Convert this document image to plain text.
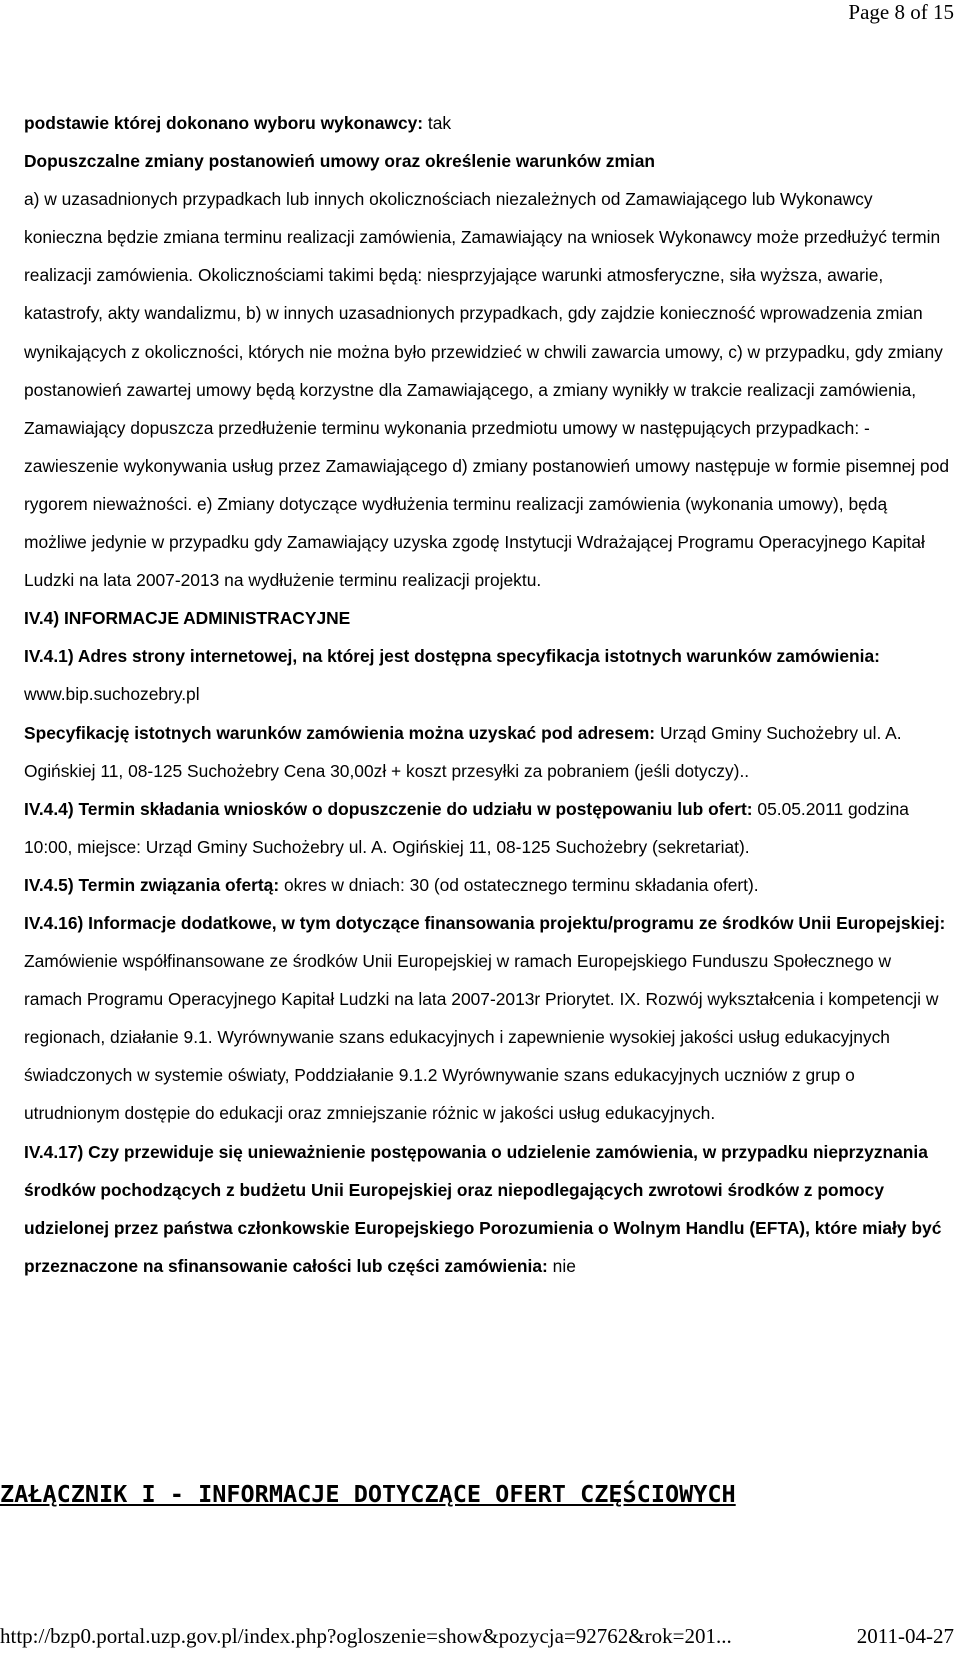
Page 8 of 15

podstawie której dokonano wyboru wykonawcy: tak

Dopuszczalne zmiany postanowień umowy oraz określenie warunków zmian

a) w uzasadnionych przypadkach lub innych okolicznościach niezależnych od Zamawiającego lub Wykonawcy konieczna będzie zmiana terminu realizacji zamówienia, Zamawiający na wniosek Wykonawcy może przedłużyć termin realizacji zamówienia. Okolicznościami takimi będą: niesprzyjające warunki atmosferyczne, siła wyższa, awarie, katastrofy, akty wandalizmu, b) w innych uzasadnionych przypadkach, gdy zajdzie konieczność wprowadzenia zmian wynikających z okoliczności, których nie można było przewidzieć w chwili zawarcia umowy, c) w przypadku, gdy zmiany postanowień zawartej umowy będą korzystne dla Zamawiającego, a zmiany wynikły w trakcie realizacji zamówienia, Zamawiający dopuszcza przedłużenie terminu wykonania przedmiotu umowy w następujących przypadkach: - zawieszenie wykonywania usług przez Zamawiającego d) zmiany postanowień umowy następuje w formie pisemnej pod rygorem nieważności. e) Zmiany dotyczące wydłużenia terminu realizacji zamówienia (wykonania umowy), będą możliwe jedynie w przypadku gdy Zamawiający uzyska zgodę Instytucji Wdrażającej Programu Operacyjnego Kapitał Ludzki na lata 2007-2013 na wydłużenie terminu realizacji projektu.

IV.4) INFORMACJE ADMINISTRACYJNE

IV.4.1) Adres strony internetowej, na której jest dostępna specyfikacja istotnych warunków zamówienia: www.bip.suchozebry.pl

Specyfikację istotnych warunków zamówienia można uzyskać pod adresem: Urząd Gminy Suchożebry ul. A. Ogińskiej 11, 08-125 Suchożebry Cena 30,00zł + koszt przesyłki za pobraniem (jeśli dotyczy)..

IV.4.4) Termin składania wniosków o dopuszczenie do udziału w postępowaniu lub ofert: 05.05.2011 godzina 10:00, miejsce: Urząd Gminy Suchożebry ul. A. Ogińskiej 11, 08-125 Suchożebry (sekretariat).

IV.4.5) Termin związania ofertą: okres w dniach: 30 (od ostatecznego terminu składania ofert).

IV.4.16) Informacje dodatkowe, w tym dotyczące finansowania projektu/programu ze środków Unii Europejskiej: Zamówienie współfinansowane ze środków Unii Europejskiej w ramach Europejskiego Funduszu Społecznego w ramach Programu Operacyjnego Kapitał Ludzki na lata 2007-2013r Priorytet. IX. Rozwój wykształcenia i kompetencji w regionach, działanie 9.1. Wyrównywanie szans edukacyjnych i zapewnienie wysokiej jakości usług edukacyjnych świadczonych w systemie oświaty, Poddziałanie 9.1.2 Wyrównywanie szans edukacyjnych uczniów z grup o utrudnionym dostępie do edukacji oraz zmniejszanie różnic w jakości usług edukacyjnych.

IV.4.17) Czy przewiduje się unieważnienie postępowania o udzielenie zamówienia, w przypadku nieprzyznania środków pochodzących z budżetu Unii Europejskiej oraz niepodlegających zwrotowi środków z pomocy udzielonej przez państwa członkowskie Europejskiego Porozumienia o Wolnym Handlu (EFTA), które miały być przeznaczone na sfinansowanie całości lub części zamówienia: nie

ZAŁĄCZNIK I - INFORMACJE DOTYCZĄCE OFERT CZĘŚCIOWYCH
http://bzp0.portal.uzp.gov.pl/index.php?ogloszenie=show&pozycja=92762&rok=201...	2011-04-27
